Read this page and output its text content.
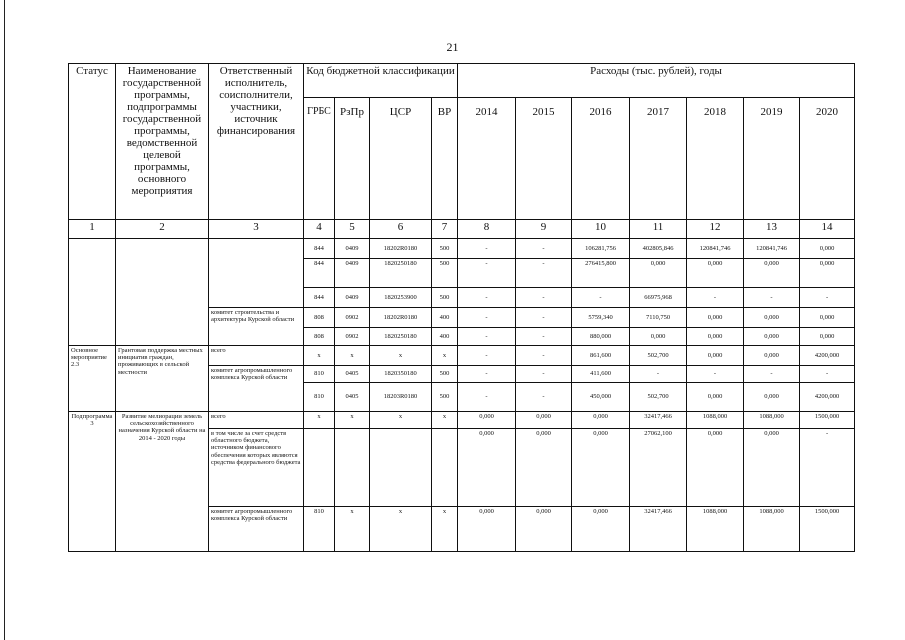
21
Статус	Наименование государственной программы, подпрограммы государственной программы, ведомственной целевой программы, основного мероприятия	Ответственный исполнитель, соисполнители, участники, источник финансирования	Код бюджетной классификации				Расходы (тыс. рублей), годы						
			ГРБС	РзПр	ЦСР	ВР	2014	2015	2016	2017	2018	2019	2020
1	2	3	4	5	6	7	8	9	10	11	12	13	14
			844	0409	18202R0180	500	-	-	106281,756	402805,846	120841,746	120841,746	0,000
			844	0409	1820250180	500	-	-	276415,800	0,000	0,000	0,000	0,000
			844	0409	1820253900	500	-	-	-	66975,968	-	-	-
		комитет строительства и архитектуры Курской области	808	0902	18202R0180	400	-	-	5759,340	7110,750	0,000	0,000	0,000
			808	0902	1820250180	400	-	-	880,000	0,000	0,000	0,000	0,000
Основное мероприятие 2.3	Грантовая поддержка местных инициатив граждан, проживающих в сельской местности	всего	x	x	x	x	-	-	861,600	502,700	0,000	0,000	4200,000
		комитет агропромышленного комплекса Курской области	810	0405	1820350180	500	-	-	411,600	-	-	-	-
			810	0405	18203R0180	500	-	-	450,000	502,700	0,000	0,000	4200,000
Подпрограмма 3	Развитие мелиорации земель сельскохозяйственного назначения Курской области на 2014 - 2020 годы	всего	x	x	x	x	0,000	0,000	0,000	32417,466	1088,000	1088,000	1500,000
		в том числе за счет средств областного бюджета, источником финансового обеспечения которых являются средства федерального бюджета					0,000	0,000	0,000	27062,100	0,000	0,000	-
		комитет агропромышленного комплекса Курской области	810	x	x	x	0,000	0,000	0,000	32417,466	1088,000	1088,000	1500,000
